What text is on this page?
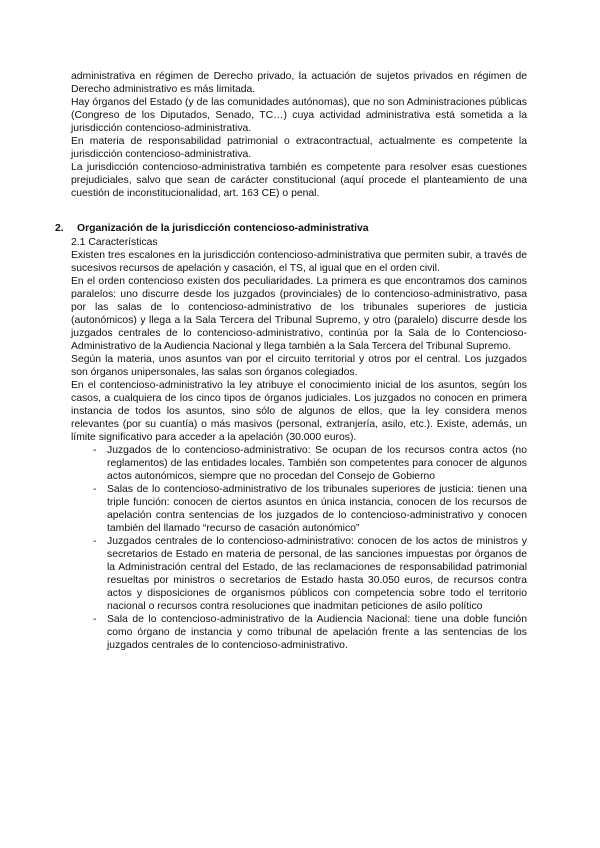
administrativa en régimen de Derecho privado, la actuación de sujetos privados en régimen de Derecho administrativo es más limitada.

Hay órganos del Estado (y de las comunidades autónomas), que no son Administraciones públicas (Congreso de los Diputados, Senado, TC…) cuya actividad administrativa está sometida a la jurisdicción contencioso-administrativa.

En materia de responsabilidad patrimonial o extracontractual, actualmente es competente la jurisdicción contencioso-administrativa.

La jurisdicción contencioso-administrativa también es competente para resolver esas cuestiones prejudiciales, salvo que sean de carácter constitucional (aquí procede el planteamiento de una cuestión de inconstitucionalidad, art. 163 CE) o penal.

2.	Organización de la jurisdicción contencioso-administrativa

2.1 Características

Existen tres escalones en la jurisdicción contencioso-administrativa que permiten subir, a través de sucesivos recursos de apelación y casación, el TS, al igual que en el orden civil.

En el orden contencioso existen dos peculiaridades. La primera es que encontramos dos caminos paralelos: uno discurre desde los juzgados (provinciales) de lo contencioso-administrativo, pasa por las salas de lo contencioso-administrativo de los tribunales superiores de justicia (autonómicos) y llega a la Sala Tercera del Tribunal Supremo, y otro (paralelo) discurre desde los juzgados centrales de lo contencioso-administrativo, continúa por la Sala de lo Contencioso-Administrativo de la Audiencia Nacional y llega también a la Sala Tercera del Tribunal Supremo.

Según la materia, unos asuntos van por el circuito territorial y otros por el central. Los juzgados son órganos unipersonales, las salas son órganos colegiados.

En el contencioso-administrativo la ley atribuye el conocimiento inicial de los asuntos, según los casos, a cualquiera de los cinco tipos de órganos judiciales. Los juzgados no conocen en primera instancia de todos los asuntos, sino sólo de algunos de ellos, que la ley considera menos relevantes (por su cuantía) o más masivos (personal, extranjería, asilo, etc.). Existe, además, un límite significativo para acceder a la apelación (30.000 euros).

- Juzgados de lo contencioso-administrativo: Se ocupan de los recursos contra actos (no reglamentos) de las entidades locales. También son competentes para conocer de algunos actos autonómicos, siempre que no procedan del Consejo de Gobierno
- Salas de lo contencioso-administrativo de los tribunales superiores de justicia: tienen una triple función: conocen de ciertos asuntos en única instancia, conocen de los recursos de apelación contra sentencias de los juzgados de lo contencioso-administrativo y conocen también del llamado “recurso de casación autonómico”
- Juzgados centrales de lo contencioso-administrativo: conocen de los actos de ministros y secretarios de Estado en materia de personal, de las sanciones impuestas por órganos de la Administración central del Estado, de las reclamaciones de responsabilidad patrimonial resueltas por ministros o secretarios de Estado hasta 30.050 euros, de recursos contra actos y disposiciones de organismos públicos con competencia sobre todo el territorio nacional o recursos contra resoluciones que inadmitan peticiones de asilo político
- Sala de lo contencioso-administrativo de la Audiencia Nacional: tiene una doble función como órgano de instancia y como tribunal de apelación frente a las sentencias de los juzgados centrales de lo contencioso-administrativo.
